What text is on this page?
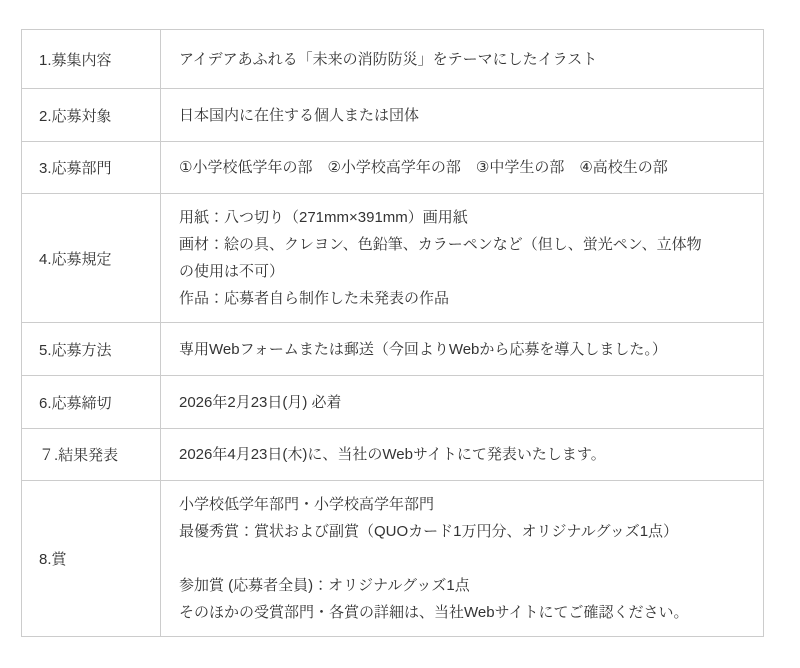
1.募集内容	アイデアあふれる「未来の消防防災」をテーマにしたイラスト

2.応募対象	日本国内に在住する個人または団体

3.応募部門	①小学校低学年の部　②小学校高学年の部　③中学生の部　④高校生の部

4.応募規定	用紙：八つ切り（271mm×391mm）画用紙
画材：絵の具、クレヨン、色鉛筆、カラーペンなど（但し、蛍光ペン、立体物
の使用は不可）
作品：応募者自ら制作した未発表の作品

5.応募方法	専用Webフォームまたは郵送（今回よりWebから応募を導入しました。）

6.応募締切	2026年2月23日(月) 必着

７.結果発表	2026年4月23日(木)に、当社のWebサイトにて発表いたします。

8.賞	小学校低学年部門・小学校高学年部門
最優秀賞：賞状および副賞（QUOカード1万円分、オリジナルグッズ1点）
参加賞 (応募者全員)：オリジナルグッズ1点
そのほかの受賞部門・各賞の詳細は、当社Webサイトにてご確認ください。
